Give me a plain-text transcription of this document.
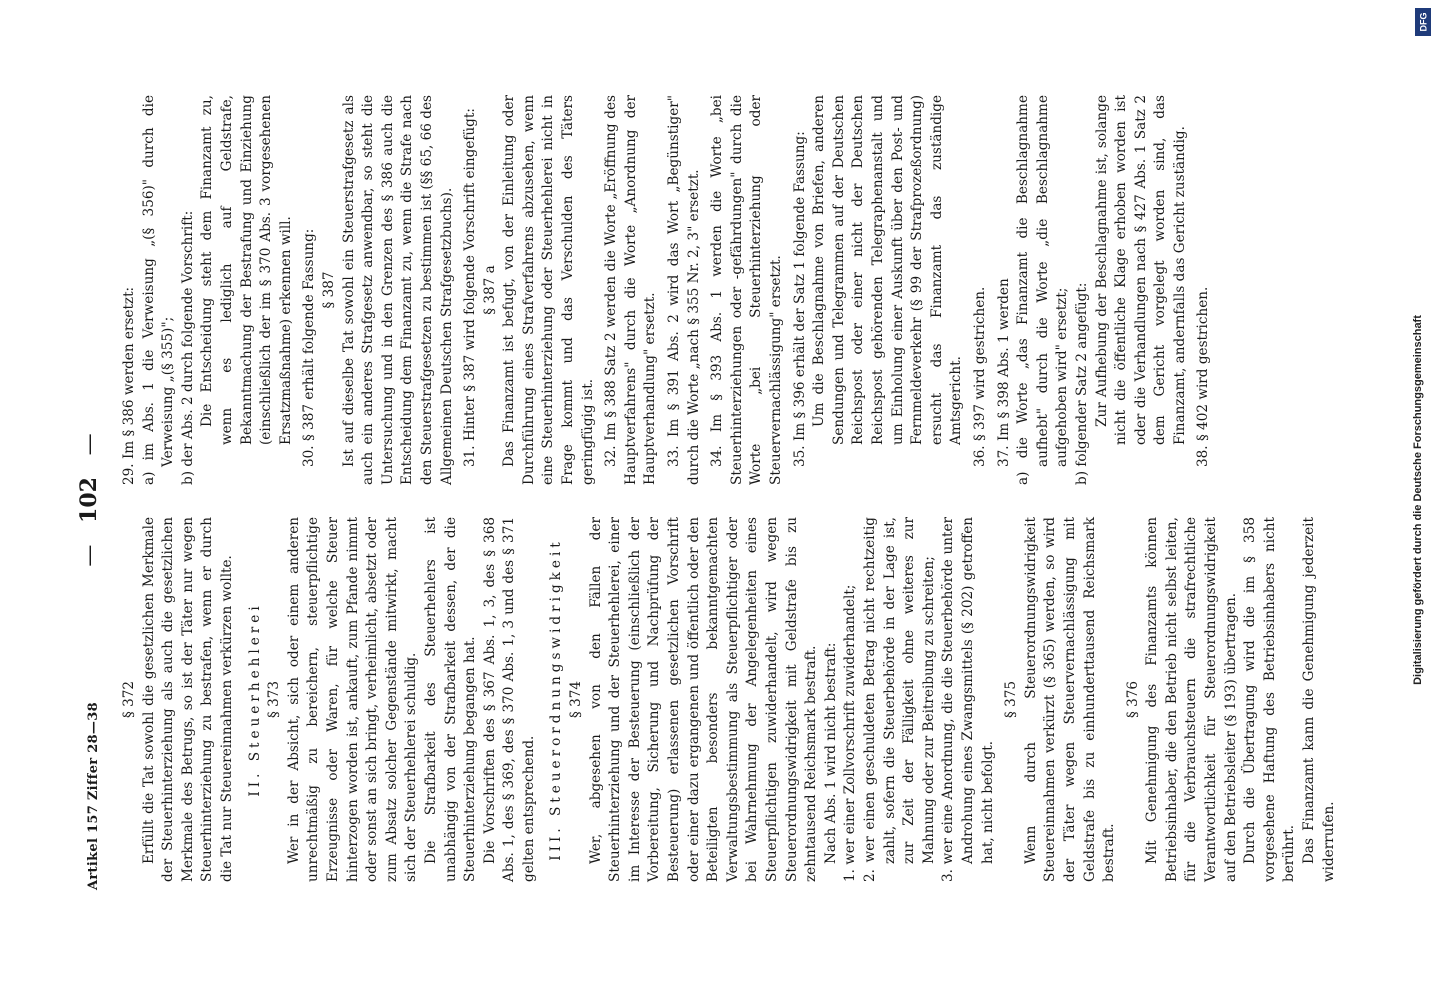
Artikel 157 Ziffer 28—38
— 102 —

§ 372 Erfüllt die Tat sowohl die gesetzlichen Merkmale der Steuerhinterziehung als auch die gesetzlichen Merkmale des Betrugs, so ist der Täter nur wegen Steuerhinterziehung zu bestrafen, wenn er durch die Tat nur Steuereinnahmen verkürzen wollte. II. Steuerhehlerei § 373 Wer in der Absicht, sich oder einem anderen unrechtmäßig zu bereichern, steuerpflichtige Erzeugnisse oder Waren, für welche Steuer hinterzogen worden ist, ankauft, zum Pfande nimmt oder sonst an sich bringt, verheimlicht, absetzt oder zum Absatz solcher Gegenstände mitwirkt, macht sich der Steuerhehlerei schuldig. Die Strafbarkeit des Steuerhehlers ist unabhängig von der Strafbarkeit dessen, der die Steuerhinterziehung begangen hat. Die Vorschriften des § 367 Abs. 1, 3, des § 368 Abs. 1, des § 369, des § 370 Abs. 1, 3 und des § 371 gelten entsprechend. III. Steuerordnungswidrigkeit § 374 Wer, abgesehen von den Fällen der Steuerhinterziehung und der Steuerhehlerei, einer im Interesse der Besteuerung (einschließlich der Vorbereitung, Sicherung und Nachprüfung der Besteuerung) erlassenen gesetzlichen Vorschrift oder einer dazu ergangenen und öffentlich oder den Beteiligten besonders bekanntgemachten Verwaltungsbestimmung als Steuerpflichtiger oder bei Wahrnehmung der Angelegenheiten eines Steuerpflichtigen zuwiderhandelt, wird wegen Steuerordnungswidrigkeit mit Geldstrafe bis zu zehntausend Reichsmark bestraft. Nach Abs. 1 wird nicht bestraft: 1. wer einer Zollvorschrift zuwiderhandelt; 2. wer einen geschuldeten Betrag nicht rechtzeitig zahlt, sofern die Steuerbehörde in der Lage ist, zur Zeit der Fälligkeit ohne weiteres zur Mahnung oder zur Beitreibung zu schreiten; 3. wer eine Anordnung, die die Steuerbehörde unter Androhung eines Zwangsmittels (§ 202) getroffen hat, nicht befolgt.

§ 375 Wenn durch Steuerordnungswidrigkeit Steuereinnahmen verkürzt (§ 365) werden, so wird der Täter wegen Steuervernachlässigung mit Geldstrafe bis zu einhunderttausend Reichsmark bestraft.

§ 376 Mit Genehmigung des Finanzamts können Betriebsinhaber, die den Betrieb nicht selbst leiten, für die Verbrauchsteuern die strafrechtliche Verantwortlichkeit für Steuerordnungswidrigkeit auf den Betriebsleiter (§ 193) übertragen. Durch die Übertragung wird die im § 358 vorgesehene Haftung des Betriebsinhabers nicht berührt. Das Finanzamt kann die Genehmigung jederzeit widerrufen.

29. Im § 386 werden ersetzt: a) im Abs. 1 die Verweisung „(§ 356)" durch die Verweisung „(§ 355)"; b) der Abs. 2 durch folgende Vorschrift: Die Entscheidung steht dem Finanzamt zu, wenn es lediglich auf Geldstrafe, Bekanntmachung der Bestrafung und Einziehung (einschließlich der im § 370 Abs. 3 vorgesehenen Ersatzmaßnahme) erkennen will. 30. § 387 erhält folgende Fassung: § 387 Ist auf dieselbe Tat sowohl ein Steuerstrafgesetz als auch ein anderes Strafgesetz anwendbar, so steht die Untersuchung und in den Grenzen des § 386 auch die Entscheidung dem Finanzamt zu, wenn die Strafe nach den Steuerstrafgesetzen zu bestimmen ist (§§ 65, 66 des Allgemeinen Deutschen Strafgesetzbuchs). 31. Hinter § 387 wird folgende Vorschrift eingefügt: § 387 a Das Finanzamt ist befugt, von der Einleitung oder Durchführung eines Strafverfahrens abzusehen, wenn eine Steuerhinterziehung oder Steuerhehlerei nicht in Frage kommt und das Verschulden des Täters geringfügig ist. 32. Im § 388 Satz 2 werden die Worte „Eröffnung des Hauptverfahrens" durch die Worte „Anordnung der Hauptverhandlung" ersetzt. 33. Im § 391 Abs. 2 wird das Wort „Begünstiger" durch die Worte „nach § 355 Nr. 2, 3" ersetzt. 34. Im § 393 Abs. 1 werden die Worte „bei Steuerhinterziehungen oder -gefährdungen" durch die Worte „bei Steuerhinterziehung oder Steuervernachlässigung" ersetzt. 35. Im § 396 erhält der Satz 1 folgende Fassung: Um die Beschlagnahme von Briefen, anderen Sendungen und Telegrammen auf der Deutschen Reichspost oder einer nicht der Deutschen Reichspost gehörenden Telegraphenanstalt und um Einholung einer Auskunft über den Post- und Fernmeldeverkehr (§ 99 der Strafprozeßordnung) ersucht das Finanzamt das zuständige Amtsgericht. 36. § 397 wird gestrichen. 37. Im § 398 Abs. 1 werden a) die Worte „das Finanzamt die Beschlagnahme aufhebt" durch die Worte „die Beschlagnahme aufgehoben wird" ersetzt; b) folgender Satz 2 angefügt: Zur Aufhebung der Beschlagnahme ist, solange nicht die öffentliche Klage erhoben worden ist oder die Verhandlungen nach § 427 Abs. 1 Satz 2 dem Gericht vorgelegt worden sind, das Finanzamt, andernfalls das Gericht zuständig. 38. § 402 wird gestrichen.	Digitalisierung gefördert durch die Deutsche Forschungsgemeinschaft
DFG
